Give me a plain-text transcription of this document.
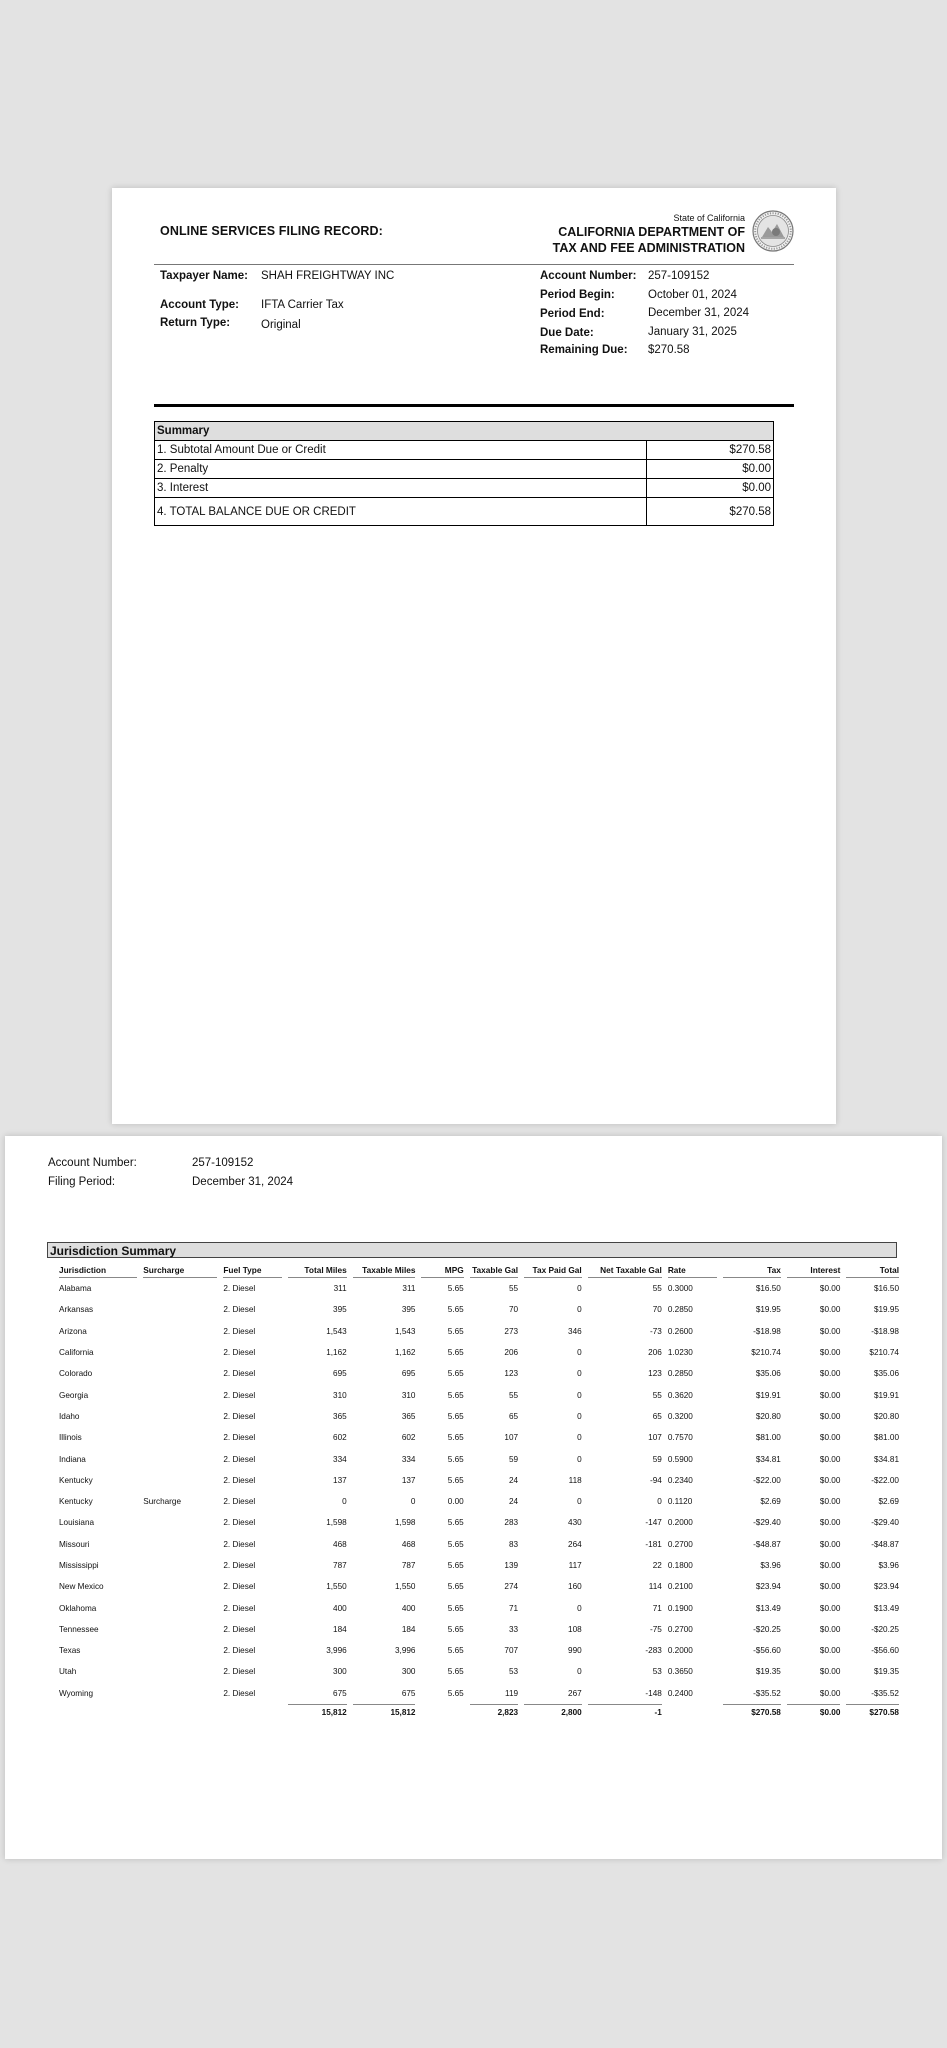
ONLINE SERVICES FILING RECORD:
State of California
CALIFORNIA DEPARTMENT OF
TAX AND FEE ADMINISTRATION
Taxpayer Name: SHAH FREIGHTWAY INC
Account Type: IFTA Carrier Tax
Return Type:	Original
Account Number: 257-109152
Period Begin:	October 01, 2024
Period End:	December 31, 2024
Due Date:	January 31, 2025
Remaining Due: $270.58
Summary	
1. Subtotal Amount Due or Credit	$270.58
2. Penalty	$0.00
3. Interest	$0.00
4. TOTAL BALANCE DUE OR CREDIT	$270.58
Account Number:	257-109152
Filing Period:	December 31, 2024
Jurisdiction Summary
Jurisdiction	Surcharge	Fuel Type	Total Miles	Taxable Miles	MPG	Taxable Gal	Tax Paid Gal	Net Taxable Gal	Rate	Tax	Interest	Total
Alabama		2. Diesel	311	311	5.65	55	0	55	0.3000	$16.50	$0.00	$16.50
Arkansas		2. Diesel	395	395	5.65	70	0	70	0.2850	$19.95	$0.00	$19.95
Arizona		2. Diesel	1,543	1,543	5.65	273	346	-73	0.2600	-$18.98	$0.00	-$18.98
California		2. Diesel	1,162	1,162	5.65	206	0	206	1.0230	$210.74	$0.00	$210.74
Colorado		2. Diesel	695	695	5.65	123	0	123	0.2850	$35.06	$0.00	$35.06
Georgia		2. Diesel	310	310	5.65	55	0	55	0.3620	$19.91	$0.00	$19.91
Idaho		2. Diesel	365	365	5.65	65	0	65	0.3200	$20.80	$0.00	$20.80
Illinois		2. Diesel	602	602	5.65	107	0	107	0.7570	$81.00	$0.00	$81.00
Indiana		2. Diesel	334	334	5.65	59	0	59	0.5900	$34.81	$0.00	$34.81
Kentucky		2. Diesel	137	137	5.65	24	118	-94	0.2340	-$22.00	$0.00	-$22.00
Kentucky	Surcharge	2. Diesel	0	0	0.00	24	0	0	0.1120	$2.69	$0.00	$2.69
Louisiana		2. Diesel	1,598	1,598	5.65	283	430	-147	0.2000	-$29.40	$0.00	-$29.40
Missouri		2. Diesel	468	468	5.65	83	264	-181	0.2700	-$48.87	$0.00	-$48.87
Mississippi		2. Diesel	787	787	5.65	139	117	22	0.1800	$3.96	$0.00	$3.96
New Mexico		2. Diesel	1,550	1,550	5.65	274	160	114	0.2100	$23.94	$0.00	$23.94
Oklahoma		2. Diesel	400	400	5.65	71	0	71	0.1900	$13.49	$0.00	$13.49
Tennessee		2. Diesel	184	184	5.65	33	108	-75	0.2700	-$20.25	$0.00	-$20.25
Texas		2. Diesel	3,996	3,996	5.65	707	990	-283	0.2000	-$56.60	$0.00	-$56.60
Utah		2. Diesel	300	300	5.65	53	0	53	0.3650	$19.35	$0.00	$19.35
Wyoming		2. Diesel	675	675	5.65	119	267	-148	0.2400	-$35.52	$0.00	-$35.52
			15,812	15,812		2,823	2,800	-1		$270.58	$0.00	$270.58
